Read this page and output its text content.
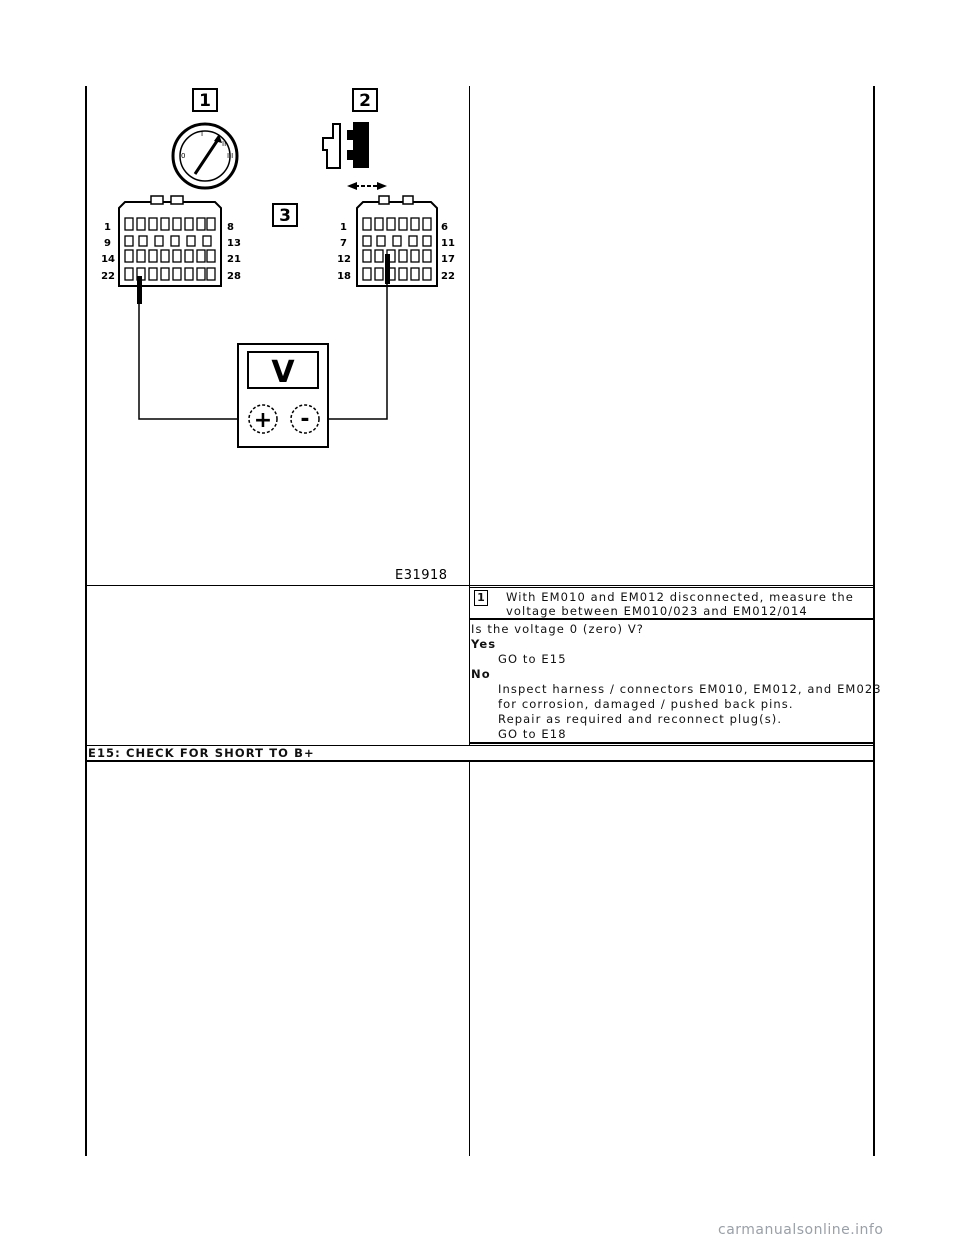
1	2
3
0
I
II
III
1
9
14
22
8
13
21
28
1
7
12
18
6
11
17
22
V
+ -
E31918
1 With EM010 and EM012 disconnected, measure the
voltage between EM010/023 and EM012/014
Is the voltage 0 (zero) V?
Yes
GO to E15
No
Inspect harness / connectors EM010, EM012, and EM023
for corrosion, damaged / pushed back pins.
Repair as required and reconnect plug(s).
GO to E18
E15: CHECK FOR SHORT TO B+
carmanualsonline.info
